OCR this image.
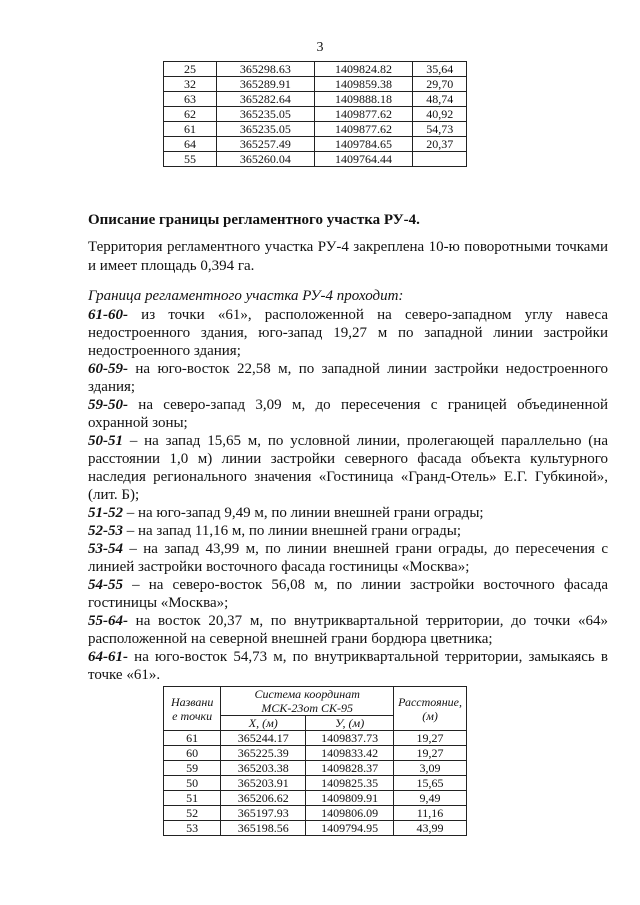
3
25	365298.63	1409824.82	35,64
32	365289.91	1409859.38	29,70
63	365282.64	1409888.18	48,74
62	365235.05	1409877.62	40,92
61	365235.05	1409877.62	54,73
64	365257.49	1409784.65	20,37
55	365260.04	1409764.44	
Описание границы регламентного участка РУ-4.
Территория регламентного участка РУ-4 закреплена 10-ю поворотными точками и имеет площадь 0,394 га.
Граница регламентного участка РУ-4 проходит:

61-60- из точки «61», расположенной на северо-западном углу навеса недостроенного здания, юго-запад 19,27 м по западной линии застройки недостроенного здания;

60-59- на юго-восток 22,58 м, по западной линии застройки недостроенного здания;

59-50- на северо-запад 3,09 м, до пересечения с границей объединенной охранной зоны;

50-51 – на запад 15,65 м, по условной линии, пролегающей параллельно (на расстоянии 1,0 м) линии застройки северного фасада объекта культурного наследия регионального значения «Гостиница «Гранд-Отель» Е.Г. Губкиной», (лит. Б);

51-52 – на юго-запад 9,49 м, по линии внешней грани ограды;

52-53 – на запад 11,16 м, по линии внешней грани ограды;

53-54 – на запад 43,99 м, по линии внешней грани ограды, до пересечения с линией застройки восточного фасада гостиницы «Москва»;

54-55 – на северо-восток 56,08 м, по линии застройки восточного фасада гостиницы «Москва»;

55-64- на восток 20,37 м, по внутриквартальной территории, до точки «64» расположенной на северной внешней грани бордюра цветника;

64-61- на юго-восток 54,73 м, по внутриквартальной территории, замыкаясь в точке «61».

Названи е точки	Система координат МСК-23от СК-95		Расстояние, (м)
	Х, (м)	У, (м)	
61	365244.17	1409837.73	19,27
60	365225.39	1409833.42	19,27
59	365203.38	1409828.37	3,09
50	365203.91	1409825.35	15,65
51	365206.62	1409809.91	9,49
52	365197.93	1409806.09	11,16
53	365198.56	1409794.95	43,99
